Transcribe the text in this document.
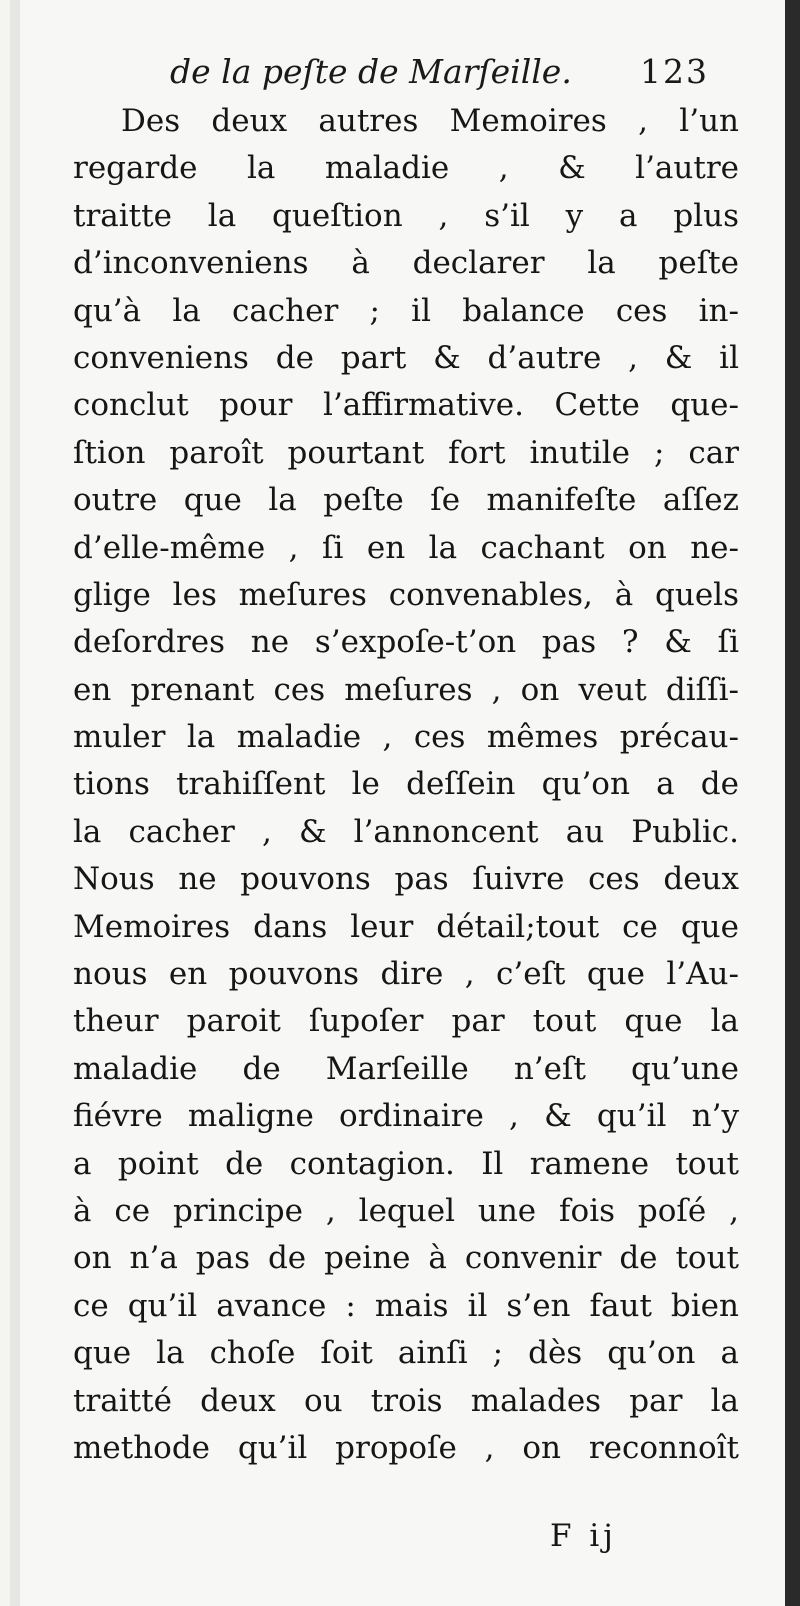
de la peſte de Marſeille. 123
Des deux autres Memoires , l’un
regarde la maladie , & l’autre
traitte la queſtion , s’il y a plus
d’inconveniens à declarer la peſte
qu’à la cacher ; il balance ces in-
conveniens de part & d’autre , & il
conclut pour l’affirmative. Cette que-
ſtion paroît pourtant fort inutile ; car
outre que la peſte ſe manifeſte aſſez
d’elle-même , ſi en la cachant on ne-
glige les meſures convenables, à quels
deſordres ne s’expoſe-t’on pas ? & ſi
en prenant ces meſures , on veut diſſi-
muler la maladie , ces mêmes précau-
tions trahiſſent le deſſein qu’on a de
la cacher , & l’annoncent au Public.
Nous ne pouvons pas ſuivre ces deux
Memoires dans leur détail;tout ce que
nous en pouvons dire , c’eſt que l’Au-
theur paroit ſupoſer par tout que la
maladie de Marſeille n’eſt qu’une
fiévre maligne ordinaire , & qu’il n’y
a point de contagion. Il ramene tout
à ce principe , lequel une fois poſé ,
on n’a pas de peine à convenir de tout
ce qu’il avance : mais il s’en faut bien
que la choſe ſoit ainſi ; dès qu’on a
traitté deux ou trois malades par la
methode qu’il propoſe , on reconnoît
F ij
